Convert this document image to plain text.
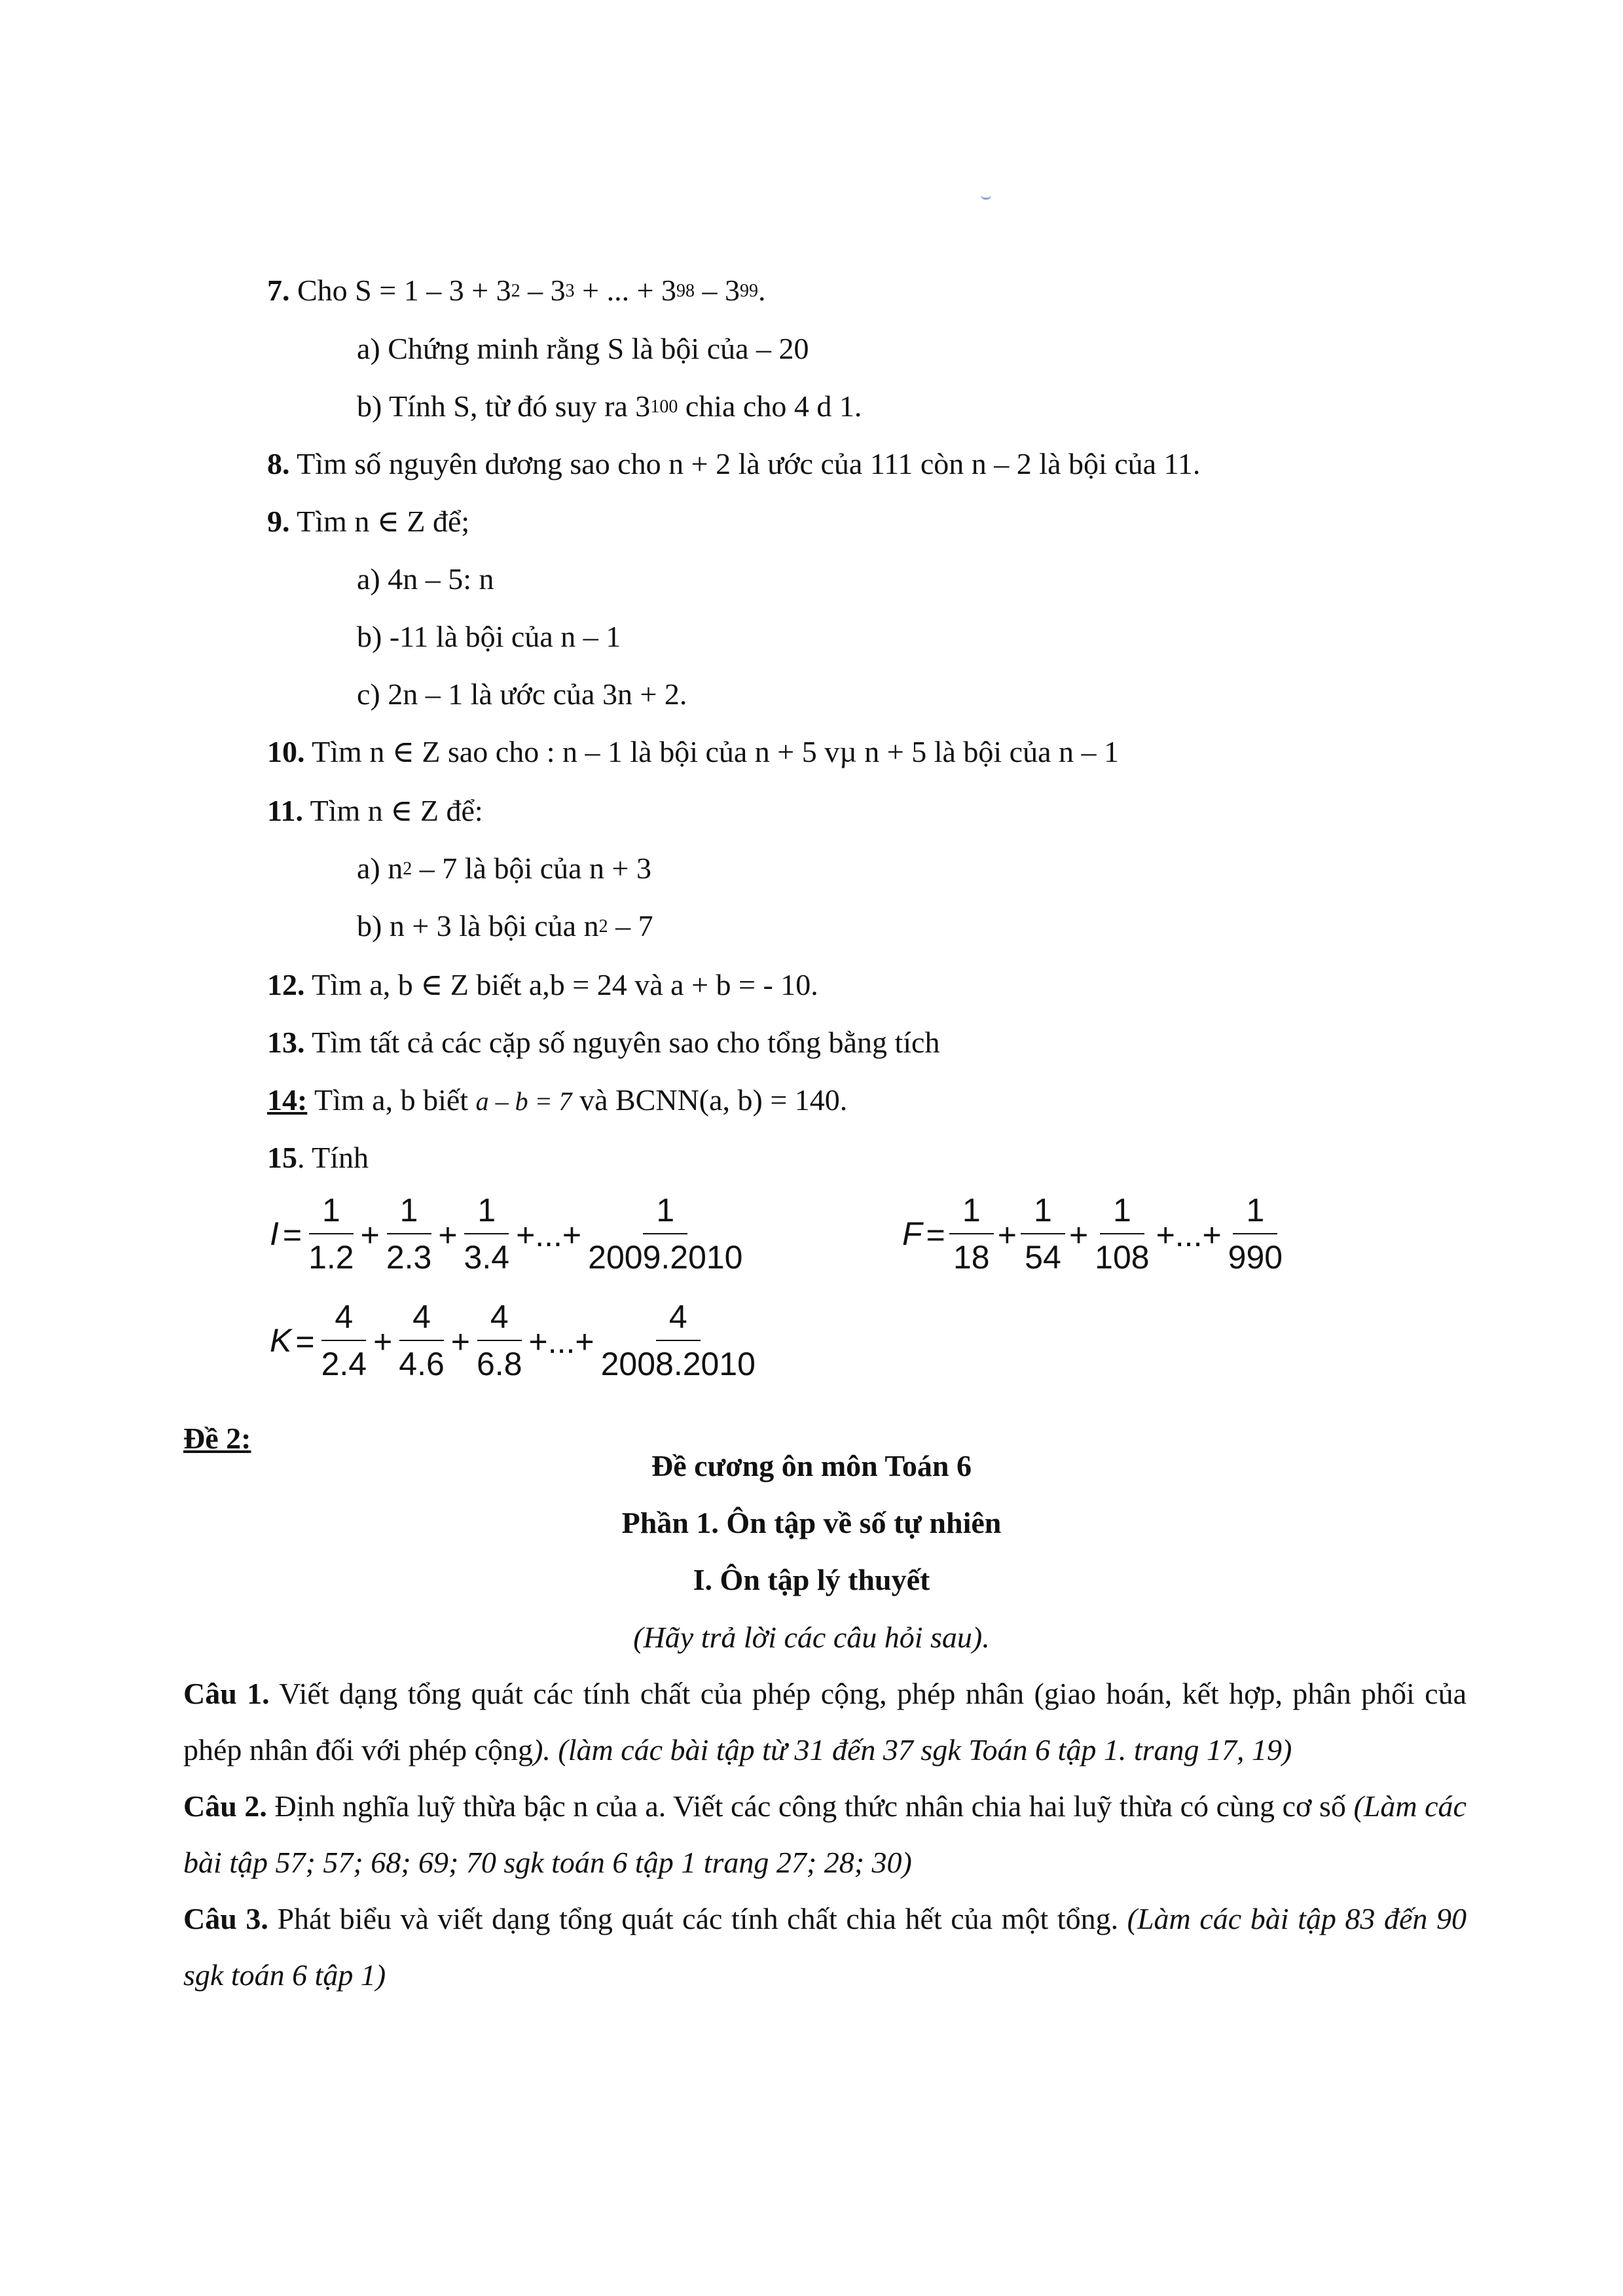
7. Cho $S = 1 - 3 + 3^2 - 3^3$ + ... + $3^{98} - 3^{99}$.
a) Chứng minh rằng S là bội của – 20
b) Tính S, từ đó suy ra $3^{100}$ chia cho 4 d 1.
8. Tìm số nguyên dương sao cho n + 2 là ước của 111 còn n – 2 là bội của 11.
9. Tìm n ∈ Z để;
a) 4n – 5: n
b) -11 là bội của n – 1
c) 2n – 1 là ước của 3n + 2.
10. Tìm n ∈ Z sao cho : n – 1 là bội của n + 5 vµ n + 5 là bội của n – 1
11. Tìm n ∈ Z để:
a) $n^2 - 7$ là bội của n + 3
b) n + 3 là bội của $n^2 - 7$
12. Tìm a, b ∈ Z biết a,b = 24 và a + b = - 10.
13. Tìm tất cả các cặp số nguyên sao cho tổng bằng tích
14: Tìm a, b biết a – b = 7 và BCNN(a, b) = 140.
15. Tính
$I = \frac{1}{1.2} + \frac{1}{2.3} + \frac{1}{3.4}$ +...+ $\frac{1}{2009.2010}$	$F = \frac{1}{18} + \frac{1}{54} + \frac{1}{108}$ +...+ $\frac{1}{990}$
$K = \frac{4}{2.4} + \frac{4}{4.6} + \frac{4}{6.8}$ +...+ $\frac{4}{2008.2010}$
Đề 2:
Đề cương ôn môn Toán 6
Phần 1. Ôn tập về số tự nhiên
I. Ôn tập lý thuyết
(Hãy trả lời các câu hỏi sau).
Câu 1. Viết dạng tổng quát các tính chất của phép cộng, phép nhân (giao hoán, kết hợp, phân phối của phép nhân đối với phép cộng). (làm các bài tập từ 31 đến 37 sgk Toán 6 tập 1. trang 17, 19)
Câu 2. Định nghĩa luỹ thừa bậc n của a. Viết các công thức nhân chia hai luỹ thừa có cùng cơ số (Làm các bài tập 57; 57; 68; 69; 70 sgk toán 6 tập 1 trang 27; 28; 30)
Câu 3. Phát biểu và viết dạng tổng quát các tính chất chia hết của một tổng. (Làm các bài tập 83 đến 90 sgk toán 6 tập 1)
